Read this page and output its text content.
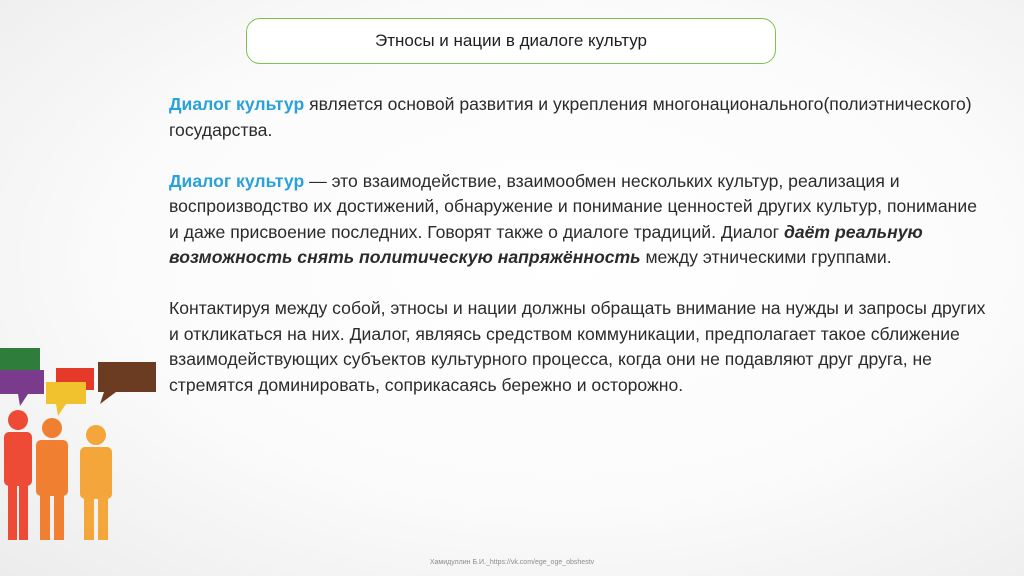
Этносы и нации в диалоге культур

Диалог культур является основой развития и укрепления многонационального(полиэтнического) государства.

Диалог культур — это взаимодействие, взаимообмен нескольких культур, реализация и воспроизводство их достижений, обнаружение и понимание ценностей других культур, понимание и даже присвоение последних. Говорят также о диалоге традиций. Диалог даёт реальную возможность снять политическую напряжённость между этническими группами.

Контактируя между собой, этносы и нации должны обращать внимание на нужды и запросы других и откликаться на них. Диалог, являясь средством коммуникации, предполагает такое сближение взаимодействующих субъектов культурного процесса, когда они не подавляют друг друга, не стремятся доминировать, соприкасаясь бережно и осторожно.

Хамидуллин Б.И._https://vk.com/ege_oge_obshestv
